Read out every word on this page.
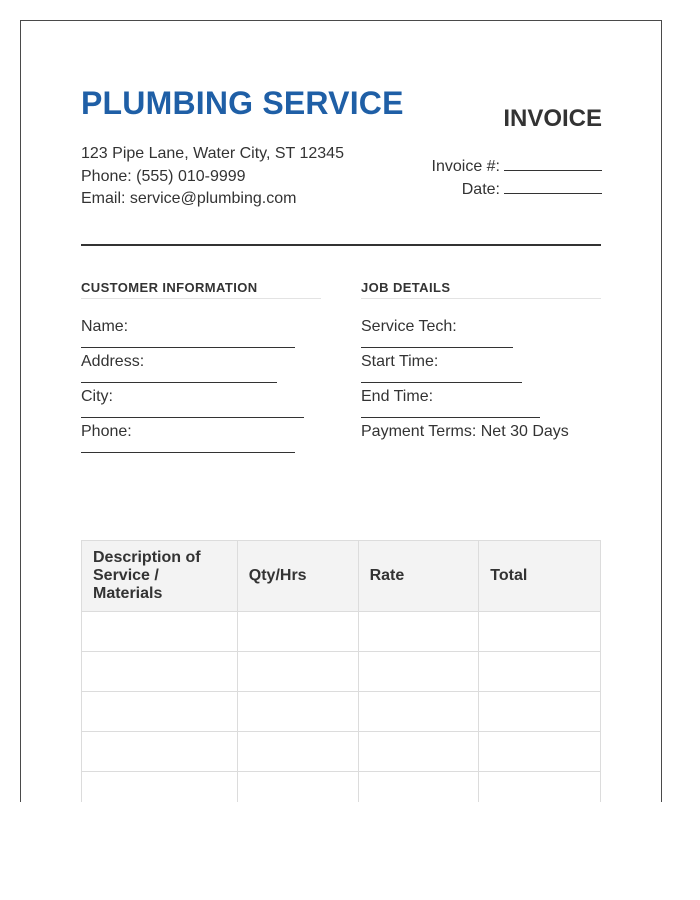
PLUMBING SERVICE
123 Pipe Lane, Water City, ST 12345
Phone: (555) 010-9999
Email: service@plumbing.com
INVOICE
Invoice #:
Date:
CUSTOMER INFORMATION
Name:
Address:
City:
Phone:
JOB DETAILS
Service Tech:
Start Time:
End Time:
Payment Terms: Net 30 Days
Description of Service / Materials	Qty/Hrs	Rate	Total
